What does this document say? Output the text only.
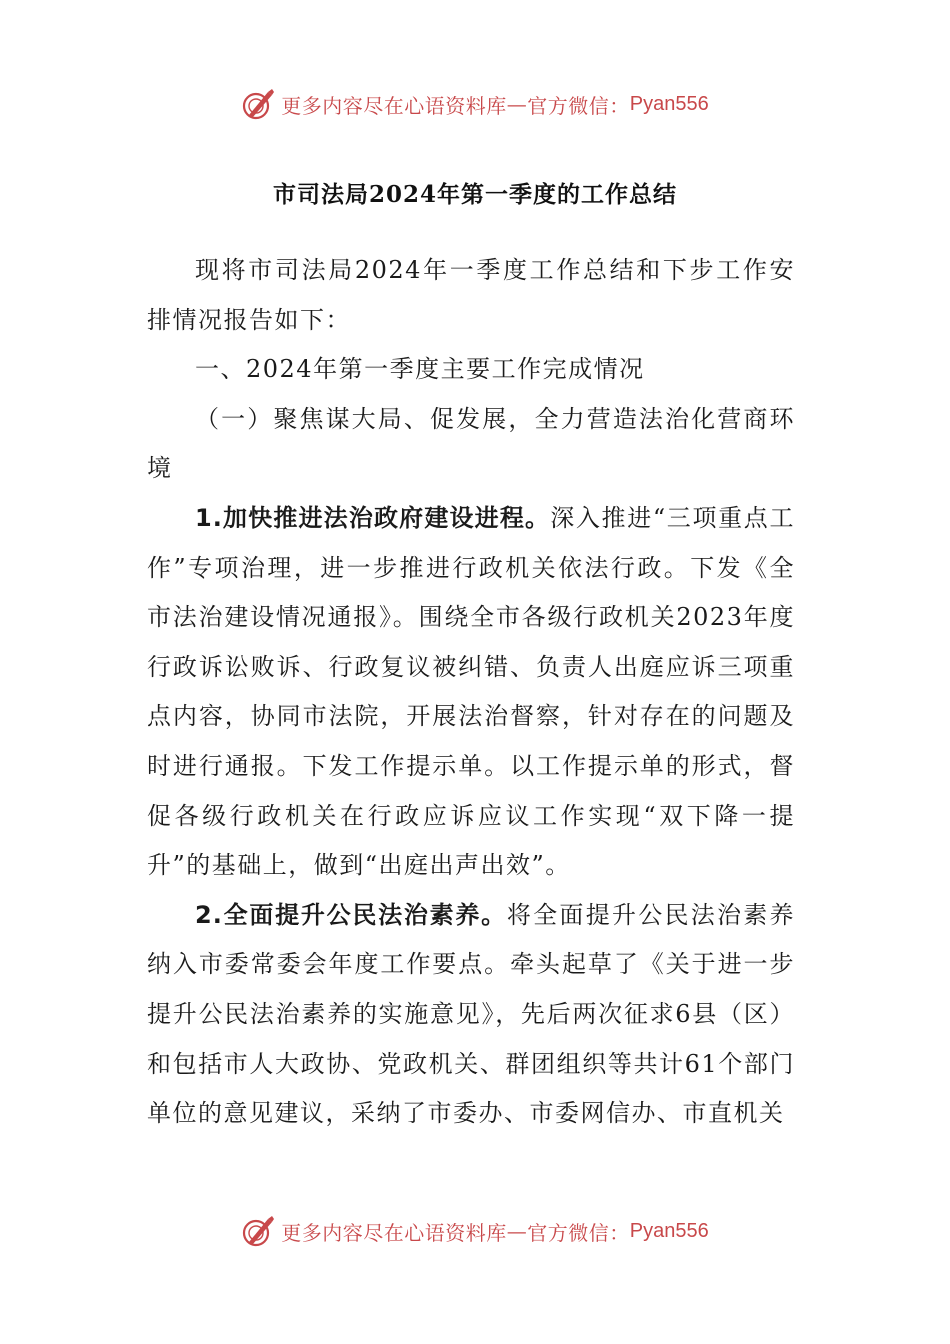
更多内容尽在心语资料库 — 官方微信： Pyan556
市司法局2024年第一季度的工作总结

现将市司法局2024年一季度工作总结和下步工作安排情况报告如下：

一、2024年第一季度主要工作完成情况

（一）聚焦谋大局、促发展，全力营造法治化营商环境

1.加快推进法治政府建设进程。深入推进“三项重点工作”专项治理，进一步推进行政机关依法行政。下发《全市法治建设情况通报》。围绕全市各级行政机关2023年度行政诉讼败诉、行政复议被纠错、负责人出庭应诉三项重点内容，协同市法院，开展法治督察，针对存在的问题及时进行通报。下发工作提示单。以工作提示单的形式，督促各级行政机关在行政应诉应议工作实现“双下降一提升”的基础上，做到“出庭出声出效”。

2.全面提升公民法治素养。将全面提升公民法治素养纳入市委常委会年度工作要点。牵头起草了《关于进一步提升公民法治素养的实施意见》，先后两次征求6县（区）和包括市人大政协、党政机关、群团组织等共计61个部门单位的意见建议，采纳了市委办、市委网信办、市直机关

更多内容尽在心语资料库 — 官方微信： Pyan556
